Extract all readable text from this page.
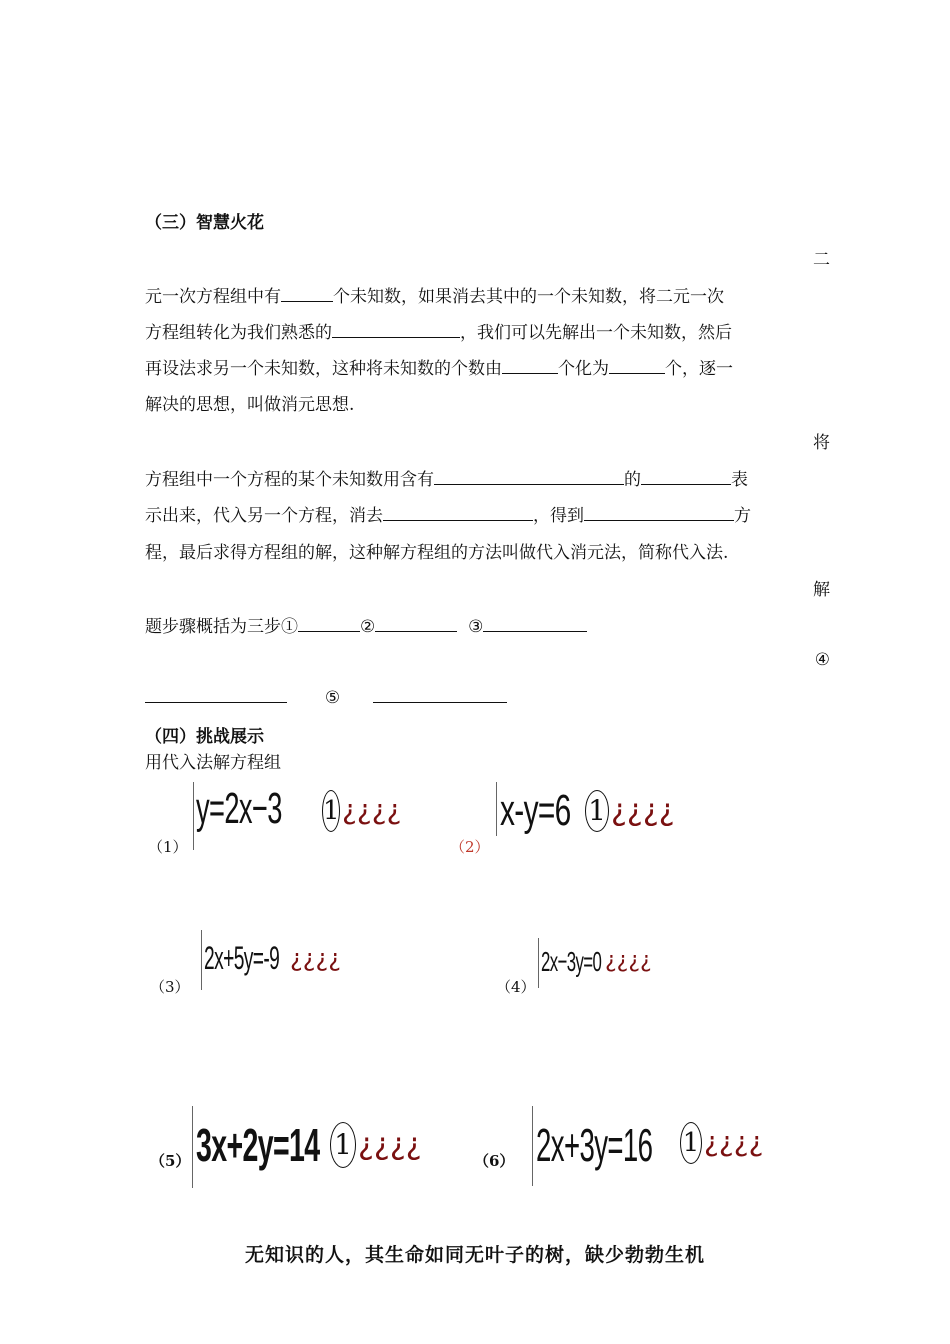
（三）智慧火花
二
元一次方程组中有	个未知数，如果消去其中的一个未知数，将二元一次
方程组转化为我们熟悉的	，我们可以先解出一个未知数，然后
再设法求另一个未知数，这种将未知数的个数由	个化为	个，逐一
解决的思想，叫做消元思想.
将
方程组中一个方程的某个未知数用含有	的	表
示出来，代入另一个方程，消去	，得到	方
程，最后求得方程组的解，这种解方程组的方法叫做代入消元法，简称代入法.
解
题步骤概括为三步①	②	③
④
⑤
（四）挑战展示
用代入法解方程组
（1）
y=2x−3	1¿¿¿¿
（2）
x-y=6 1 ¿¿¿¿
（3）
2x+5y=-9 ¿¿¿¿
（4）
2x−3y=0 ¿¿¿¿
（5） 3x+2y=14 1 ¿¿¿¿	（6） 2x+3y=16	1 ¿¿¿¿
无知识的人，其生命如同无叶子的树，缺少勃勃生机
